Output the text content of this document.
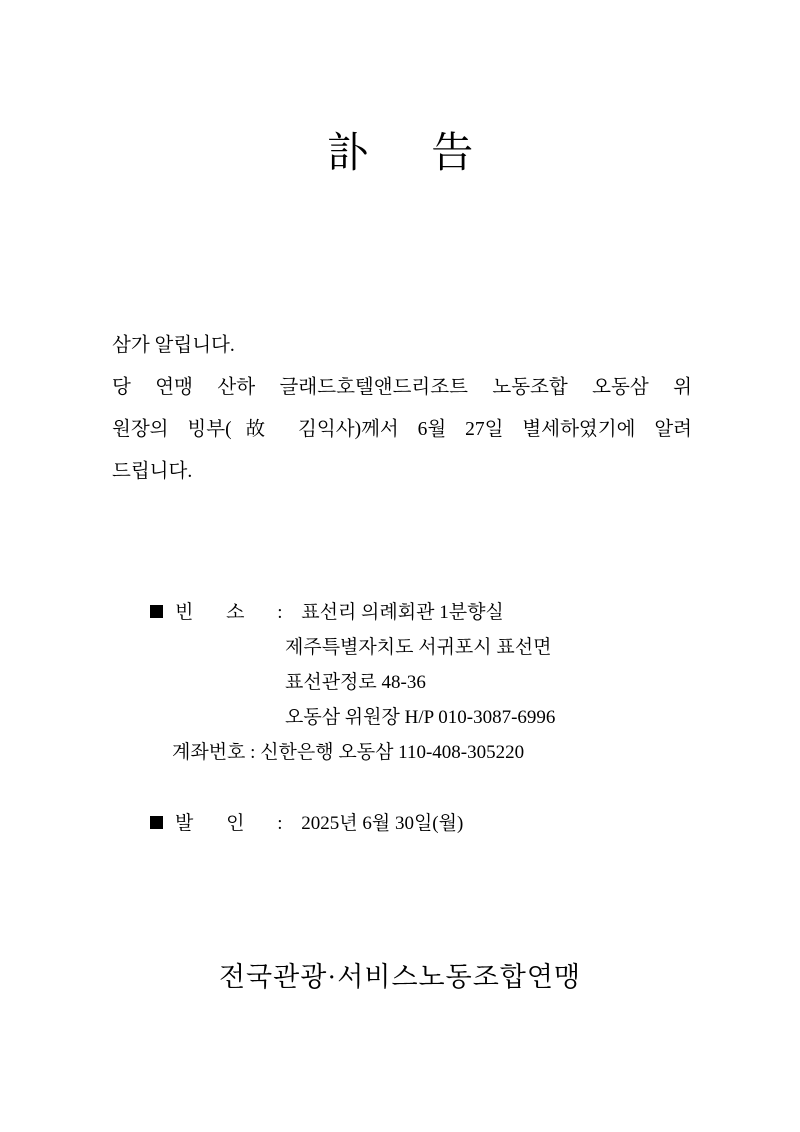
訃 告
삼가 알립니다.
당 연맹 산하 글래드호텔앤드리조트 노동조합 오동삼 위
원장의 빙부(故 김익사)께서 6월 27일 별세하였기에 알려
드립니다.
빈 소 : 표선리 의례회관 1분향실
제주특별자치도 서귀포시 표선면
표선관정로 48-36
오동삼 위원장 H/P 010-3087-6996
계좌번호 : 신한은행 오동삼 110-408-305220
발 인 : 2025년 6월 30일(월)
전국관광·서비스노동조합연맹
